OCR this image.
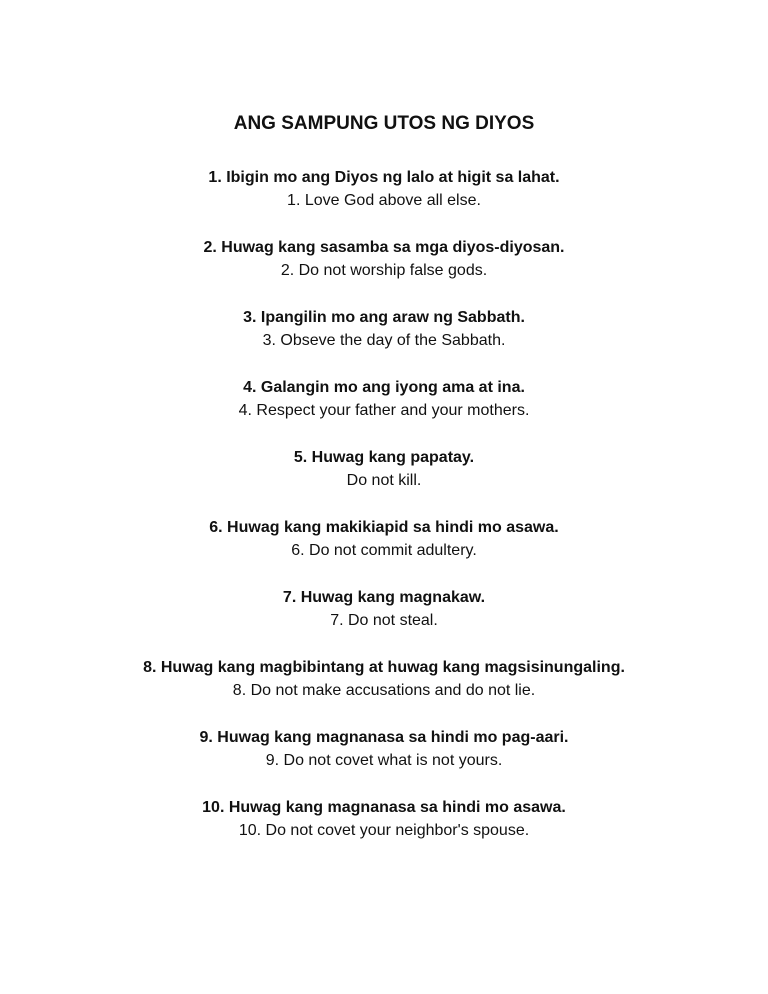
ANG SAMPUNG UTOS NG DIYOS
1. Ibigin mo ang Diyos ng lalo at higit sa lahat.
1. Love God above all else.
2. Huwag kang sasamba sa mga diyos-diyosan.
2. Do not worship false gods.
3. Ipangilin mo ang araw ng Sabbath.
3. Obseve the day of the Sabbath.
4. Galangin mo ang iyong ama at ina.
4. Respect your father and your mothers.
5. Huwag kang papatay.
Do not kill.
6. Huwag kang makikiapid sa hindi mo asawa.
6. Do not commit adultery.
7. Huwag kang magnakaw.
7. Do not steal.
8. Huwag kang magbibintang at huwag kang magsisinungaling.
8. Do not make accusations and do not lie.
9. Huwag kang magnanasa sa hindi mo pag-aari.
9. Do not covet what is not yours.
10. Huwag kang magnanasa sa hindi mo asawa.
10. Do not covet your neighbor's spouse.
